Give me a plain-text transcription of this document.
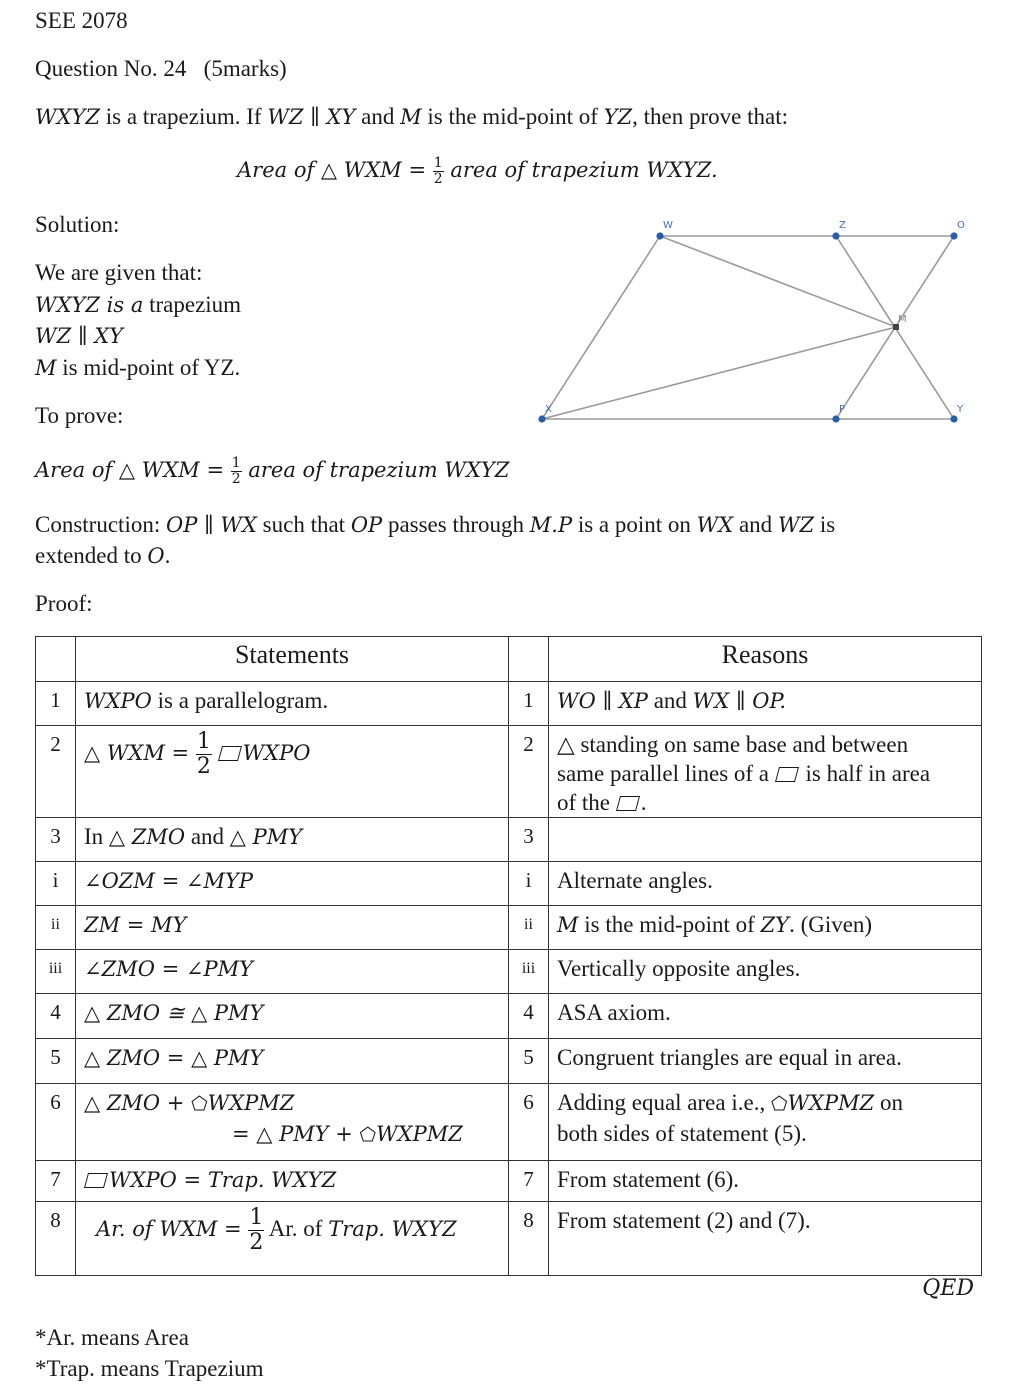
SEE 2078
Question No. 24 (5marks)
WXYZ is a trapezium. If WZ ∥ XY and M is the mid-point of YZ, then prove that:
Area of △ WXM = $\frac{1}{2}$ area of trapezium WXYZ.
Solution:
We are given that:
WXYZ is a trapezium
WZ ∥ XY
M is mid-point of YZ.
To prove:
Area of △ WXM = $\frac{1}{2}$ area of trapezium WXYZ
Construction: OP ∥ WX such that OP passes through M.P is a point on WX and WZ is
extended to O.
Proof:
W	Z	O
M
X	P	Y
	Statements		Reasons
1	WXPO is a parallelogram.	1	WO ∥ XP and WX ∥ OP.
2	△ WXM = $\frac{1}{2}$ WXPO	2	△ standing on same base and between
same parallel lines of a  is half in area
of the .
3	In △ ZMO and △ PMY	3	
i	∠OZM = ∠MYP	i	Alternate angles.
ii	ZM = MY	ii	M is the mid-point of ZY. (Given)
iii	∠ZMO = ∠PMY	iii	Vertically opposite angles.
4	△ ZMO ≅ △ PMY	4	ASA axiom.
5	△ ZMO = △ PMY	5	Congruent triangles are equal in area.
6	△ ZMO + ⬠WXPMZ

= △ PMY + ⬠WXPMZ	6	Adding equal area i.e., ⬠WXPMZ on
both sides of statement (5).
7	WXPO = Trap. WXYZ	7	From statement (6).
8	Ar. of WXM = $\frac{1}{2} Ar$. of Trap. WXYZ	8	From statement (2) and (7).
QED
*Ar. means Area
*Trap. means Trapezium
